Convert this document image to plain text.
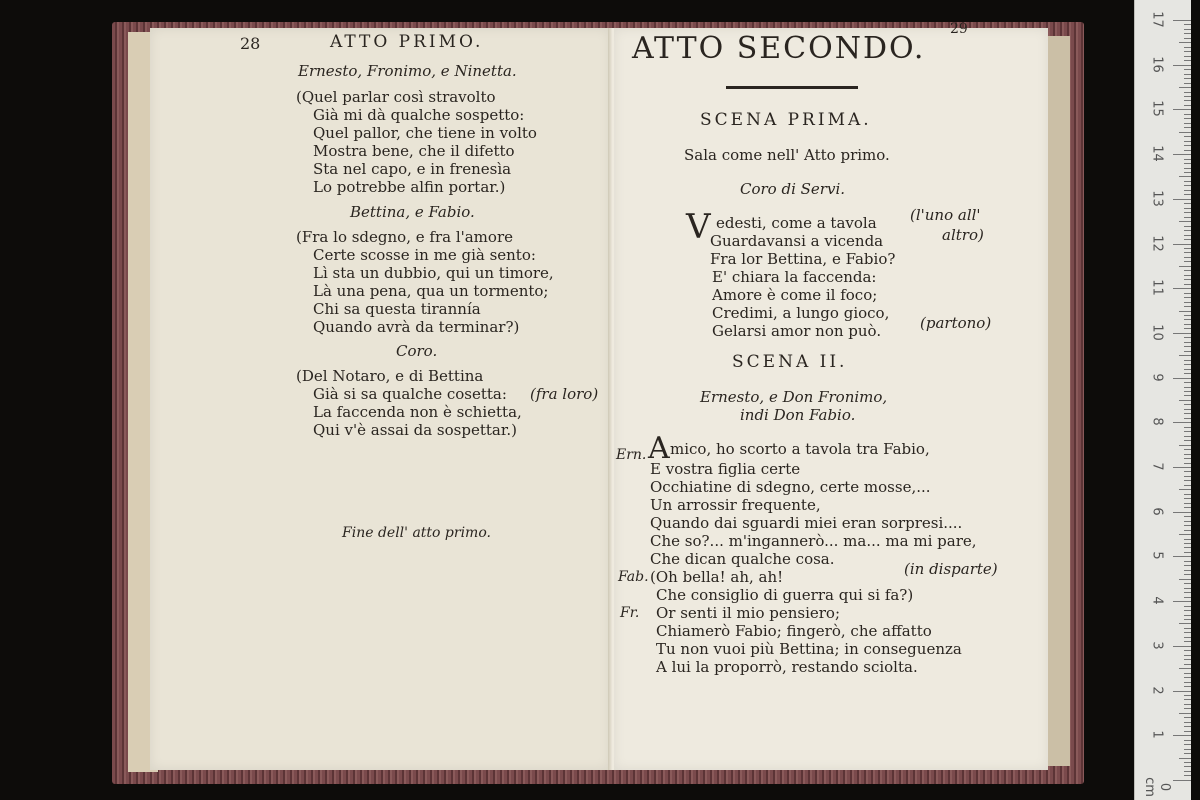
28	ATTO PRIMO.
Ernesto, Fronimo, e Ninetta.
(Quel parlar così stravolto
Già mi dà qualche sospetto:
Quel pallor, che tiene in volto
Mostra bene, che il difetto
Sta nel capo, e in frenesìa
Lo potrebbe alfin portar.)
Bettina, e Fabio.
(Fra lo sdegno, e fra l'amore
Certe scosse in me già sento:
Lì sta un dubbio, qui un timore,
Là una pena, qua un tormento;
Chi sa questa tirannía
Quando avrà da terminar?)
Coro.
(Del Notaro, e di Bettina
Già si sa qualche cosetta: (fra loro)
La faccenda non è schietta,
Qui v'è assai da sospettar.)
Fine dell' atto primo.
29
ATTO SECONDO.
SCENA PRIMA.
Sala come nell' Atto primo.
Coro di Servi.
V edesti, come a tavola (l'uno all'
Guardavansi a vicenda	altro)
Fra lor Bettina, e Fabio?
E' chiara la faccenda:
Amore è come il foco;
Credimi, a lungo gioco,
Gelarsi amor non può.	(partono)
SCENA II.
Ernesto, e Don Fronimo,
indi Don Fabio.
Ern. A mico, ho scorto a tavola tra Fabio,
E vostra figlia certe
Occhiatine di sdegno, certe mosse,...
Un arrossir frequente,
Quando dai sguardi miei eran sorpresi....
Che so?... m'ingannerò... ma... ma mi pare,
Che dican qualche cosa.
Fab. (Oh bella! ah, ah!	(in disparte)
Che consiglio di guerra qui si fa?)
Fr. Or senti il mio pensiero;
Chiamerò Fabio; fingerò, che affatto
Tu non vuoi più Bettina; in conseguenza
A lui la proporrò, restando sciolta.
17
16
15
14
13
12
11
10
9
8
7
6
5
4
3
2
1
0 cm
